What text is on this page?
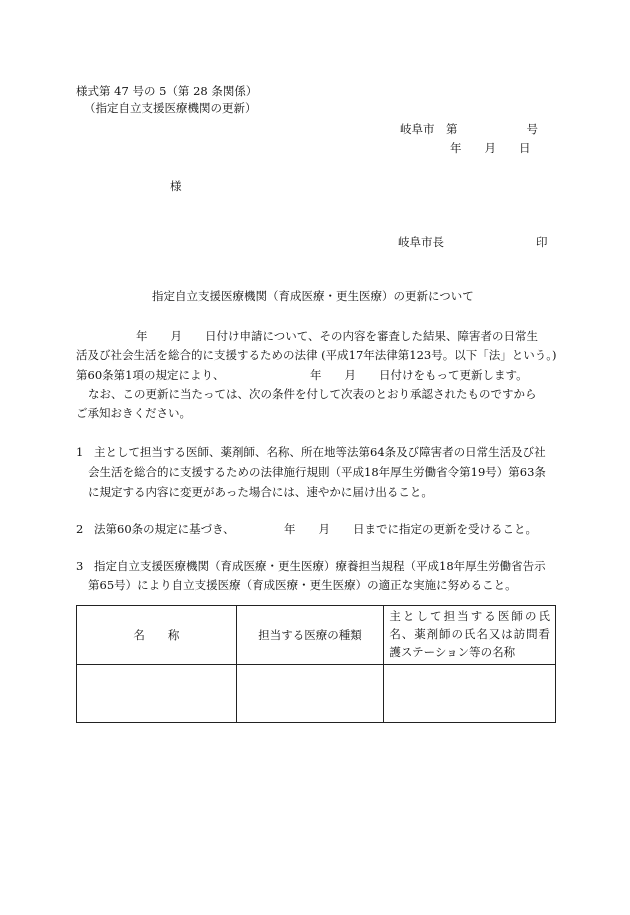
様式第 47 号の 5（第 28 条関係）
（指定自立支援医療機関の更新）
岐阜市　第　　　　　　号
年　　月　　日
様
岐阜市長　　　　　　　　印
指定自立支援医療機関（育成医療・更生医療）の更新について
年　　月　　日付け申請について、その内容を審査した結果、障害者の日常生
活及び社会生活を総合的に支援するための法律 (平成17年法律第123号。以下「法」という。)
第60条第1項の規定により、	年　　月　　日付けをもって更新します。
なお、この更新に当たっては、次の条件を付して次表のとおり承認されたものですから
ご承知おきください。
1 主として担当する医師、薬剤師、名称、所在地等法第64条及び障害者の日常生活及び社
会生活を総合的に支援するための法律施行規則（平成18年厚生労働省令第19号）第63条
に規定する内容に変更があった場合には、速やかに届け出ること。
2 法第60条の規定に基づき、	年　　月　　日までに指定の更新を受けること。
3 指定自立支援医療機関（育成医療・更生医療）療養担当規程（平成18年厚生労働省告示
第65号）により自立支援医療（育成医療・更生医療）の適正な実施に努めること。
名　　称	担当する医療の種類	主として担当する医師の氏名、薬剤師の氏名又は訪問看護ステーション等の名称
